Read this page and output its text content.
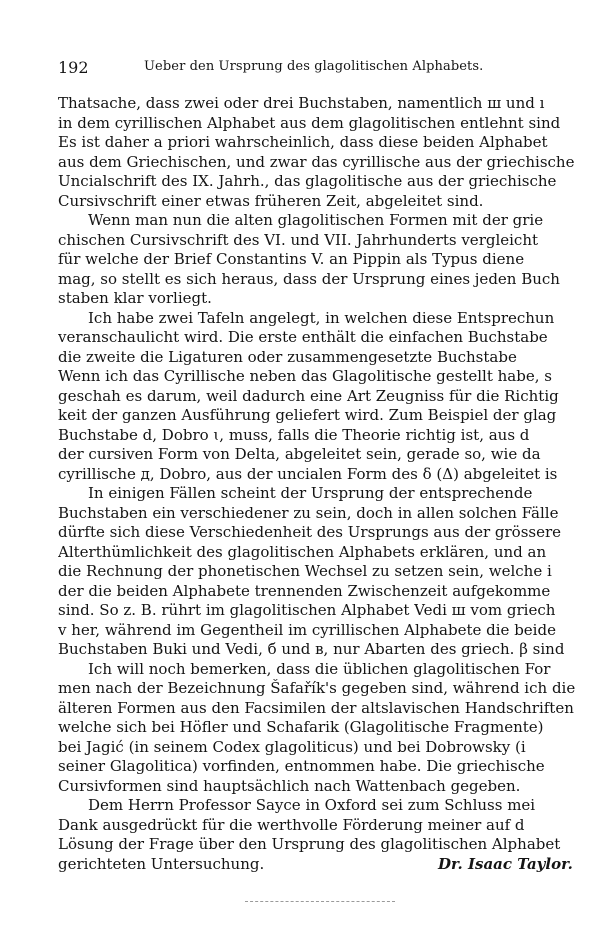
192	Ueber den Ursprung des glagolitischen Alphabets.
Thatsache, dass zwei oder drei Buchstaben, namentlich ш und ı
in dem cyrillischen Alphabet aus dem glagolitischen entlehnt sind
Es ist daher a priori wahrscheinlich, dass diese beiden Alphabet
aus dem Griechischen, und zwar das cyrillische aus der griechische
Uncialschrift des IX. Jahrh., das glagolitische aus der griechische
Cursivschrift einer etwas früheren Zeit, abgeleitet sind.
Wenn man nun die alten glagolitischen Formen mit der grie
chischen Cursivschrift des VI. und VII. Jahrhunderts vergleicht
für welche der Brief Constantins V. an Pippin als Typus diene
mag, so stellt es sich heraus, dass der Ursprung eines jeden Buch
staben klar vorliegt.
Ich habe zwei Tafeln angelegt, in welchen diese Entsprechun
veranschaulicht wird. Die erste enthält die einfachen Buchstabe
die zweite die Ligaturen oder zusammengesetzte Buchstabe
Wenn ich das Cyrillische neben das Glagolitische gestellt habe, s
geschah es darum, weil dadurch eine Art Zeugniss für die Richtig
keit der ganzen Ausführung geliefert wird. Zum Beispiel der glag
Buchstabe d, Dobro ꙇ, muss, falls die Theorie richtig ist, aus d
der cursiven Form von Delta, abgeleitet sein, gerade so, wie da
cyrillische д, Dobro, aus der uncialen Form des δ (Δ) abgeleitet is
In einigen Fällen scheint der Ursprung der entsprechende
Buchstaben ein verschiedener zu sein, doch in allen solchen Fälle
dürfte sich diese Verschiedenheit des Ursprungs aus der grössere
Alterthümlichkeit des glagolitischen Alphabets erklären, und an
die Rechnung der phonetischen Wechsel zu setzen sein, welche i
der die beiden Alphabete trennenden Zwischenzeit aufgekomme
sind. So z. B. rührt im glagolitischen Alphabet Vedi ш vom griech
v her, während im Gegentheil im cyrillischen Alphabete die beide
Buchstaben Buki und Vedi, б und в, nur Abarten des griech. β sind
Ich will noch bemerken, dass die üblichen glagolitischen For
men nach der Bezeichnung Šafařík's gegeben sind, während ich die
älteren Formen aus den Facsimilen der altslavischen Handschriften
welche sich bei Höfler und Schafarik (Glagolitische Fragmente)
bei Jagić (in seinem Codex glagoliticus) und bei Dobrowsky (i
seiner Glagolitica) vorfinden, entnommen habe. Die griechische
Cursivformen sind hauptsächlich nach Wattenbach gegeben.
Dem Herrn Professor Sayce in Oxford sei zum Schluss mei
Dank ausgedrückt für die werthvolle Förderung meiner auf d
Lösung der Frage über den Ursprung des glagolitischen Alphabet
gerichteten Untersuchung.	Dr. Isaac Taylor.
